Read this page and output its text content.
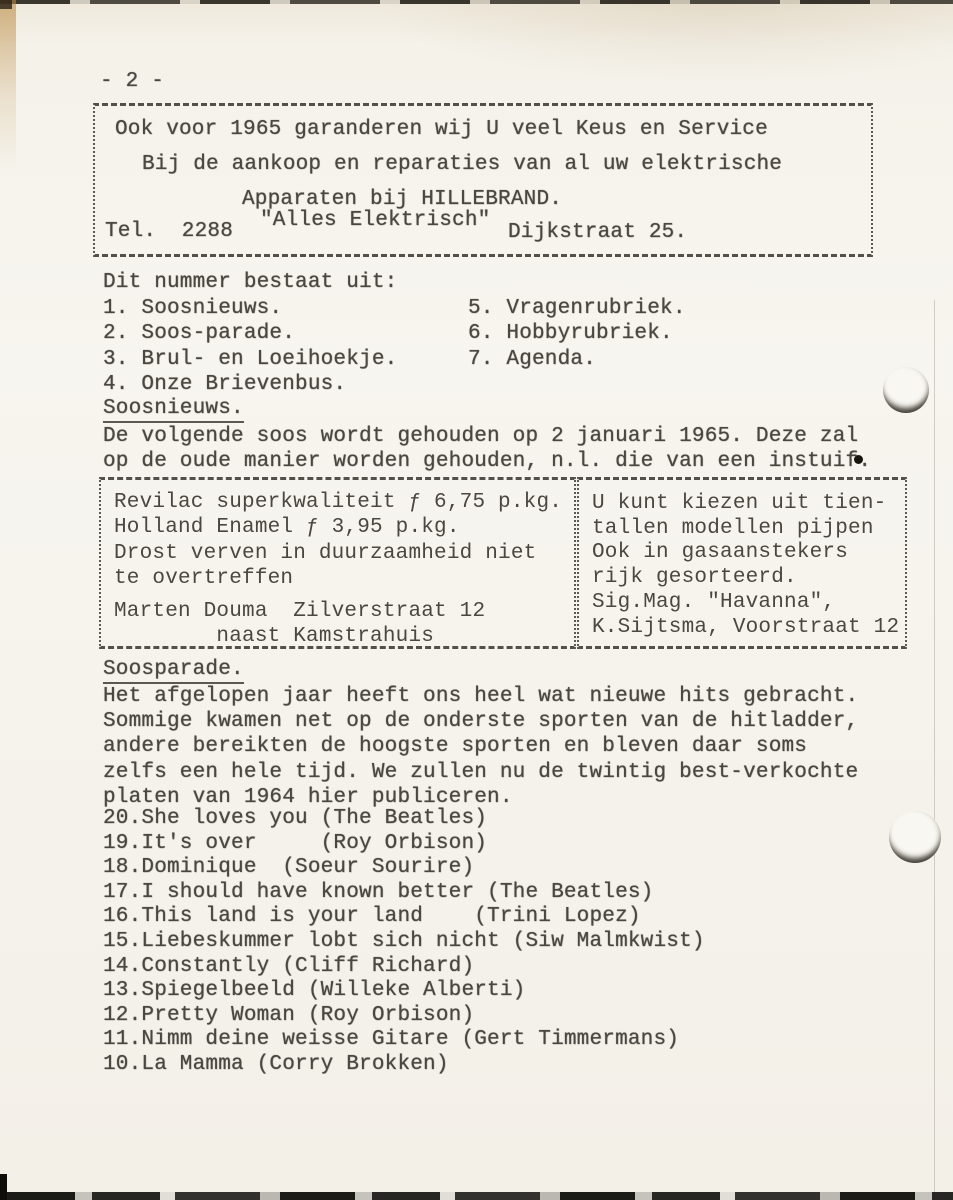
- 2 -
Ook voor 1965 garanderen wij U veel Keus en Service
Bij de aankoop en reparaties van al uw elektrische
Apparaten bij HILLEBRAND.
"Alles Elektrisch"
Tel.  2288	Dijkstraat 25.
Dit nummer bestaat uit:
1. Soosnieuws.
2. Soos-parade.
3. Brul- en Loeihoekje.
4. Onze Brievenbus.
5. Vragenrubriek.
6. Hobbyrubriek.
7. Agenda.
Soosnieuws.
De volgende soos wordt gehouden op 2 januari 1965. Deze zal
op de oude manier worden gehouden, n.l. die van een instuif.
Revilac superkwaliteit ƒ 6,75 p.kg.
Holland Enamel ƒ 3,95 p.kg.
Drost verven in duurzaamheid niet
te overtreffen
Marten Douma  Zilverstraat 12
naast Kamstrahuis
U kunt kiezen uit tien-
tallen modellen pijpen
Ook in gasaanstekers
rijk gesorteerd.
Sig.Mag. "Havanna",
K.Sijtsma, Voorstraat 12
Soosparade.
Het afgelopen jaar heeft ons heel wat nieuwe hits gebracht.
Sommige kwamen net op de onderste sporten van de hitladder,
andere bereikten de hoogste sporten en bleven daar soms
zelfs een hele tijd. We zullen nu de twintig best-verkochte
platen van 1964 hier publiceren.
20.She loves you (The Beatles)
19.It's over     (Roy Orbison)
18.Dominique  (Soeur Sourire)
17.I should have known better (The Beatles)
16.This land is your land    (Trini Lopez)
15.Liebeskummer lobt sich nicht (Siw Malmkwist)
14.Constantly (Cliff Richard)
13.Spiegelbeeld (Willeke Alberti)
12.Pretty Woman (Roy Orbison)
11.Nimm deine weisse Gitare (Gert Timmermans)
10.La Mamma (Corry Brokken)
